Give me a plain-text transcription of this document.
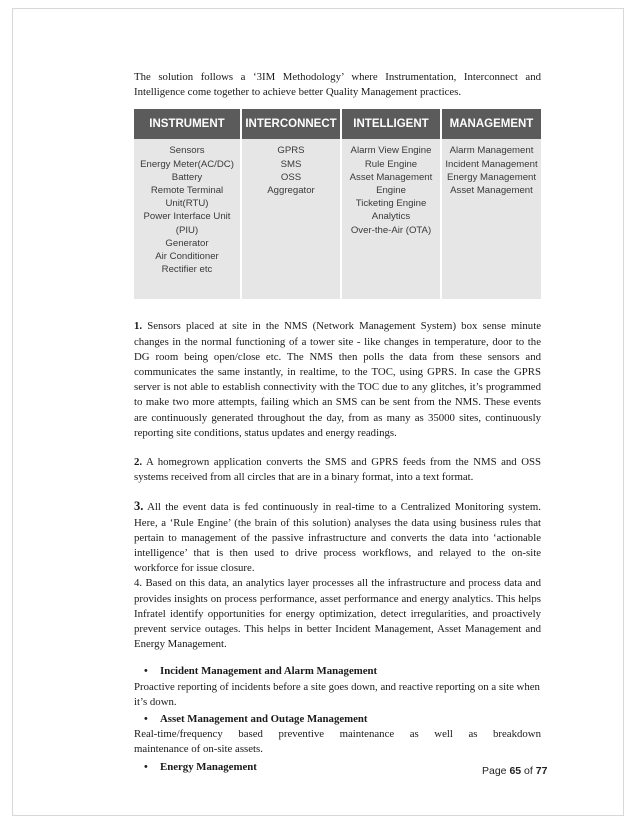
The solution follows a ‘3IM Methodology’ where Instrumentation, Interconnect and Intelligence come together to achieve better Quality Management practices.

INSTRUMENT
Sensors
Energy Meter(AC/DC)
Battery
Remote Terminal Unit(RTU)
Power Interface Unit (PIU)
Generator
Air Conditioner
Rectifier etc
INTERCONNECT
GPRS
SMS
OSS
Aggregator
INTELLIGENT
Alarm View Engine
Rule Engine
Asset Management Engine
Ticketing Engine
Analytics
Over-the-Air (OTA)
MANAGEMENT
Alarm Management
Incident Management
Energy Management
Asset Management

1. Sensors placed at site in the NMS (Network Management System) box sense minute changes in the normal functioning of a tower site - like changes in temperature, door to the DG room being open/close etc. The NMS then polls the data from these sensors and communicates the same instantly, in realtime, to the TOC, using GPRS. In case the GPRS server is not able to establish connectivity with the TOC due to any glitches, it’s programmed to make two more attempts, failing which an SMS can be sent from the NMS. These events are continuously generated throughout the day, from as many as 35000 sites, continuously reporting site conditions, status updates and energy readings.

2. A homegrown application converts the SMS and GPRS feeds from the NMS and OSS systems received from all circles that are in a binary format, into a text format.

3. All the event data is fed continuously in real-time to a Centralized Monitoring system. Here, a ‘Rule Engine’ (the brain of this solution) analyses the data using business rules that pertain to management of the passive infrastructure and converts the data into ‘actionable intelligence’ that is then used to drive process workflows, and relayed to the on-site workforce for issue closure.

4. Based on this data, an analytics layer processes all the infrastructure and process data and provides insights on process performance, asset performance and energy analytics. This helps Infratel identify opportunities for energy optimization, detect irregularities, and proactively prevent service outages. This helps in better Incident Management, Asset Management and Energy Management.

• Incident Management and Alarm Management

Proactive reporting of incidents before a site goes down, and reactive reporting on a site when it’s down.

• Asset Management and Outage Management
Real-time/frequency based preventive maintenance as well as breakdown

maintenance of on-site assets.

• Energy Management	Page 65 of 77
